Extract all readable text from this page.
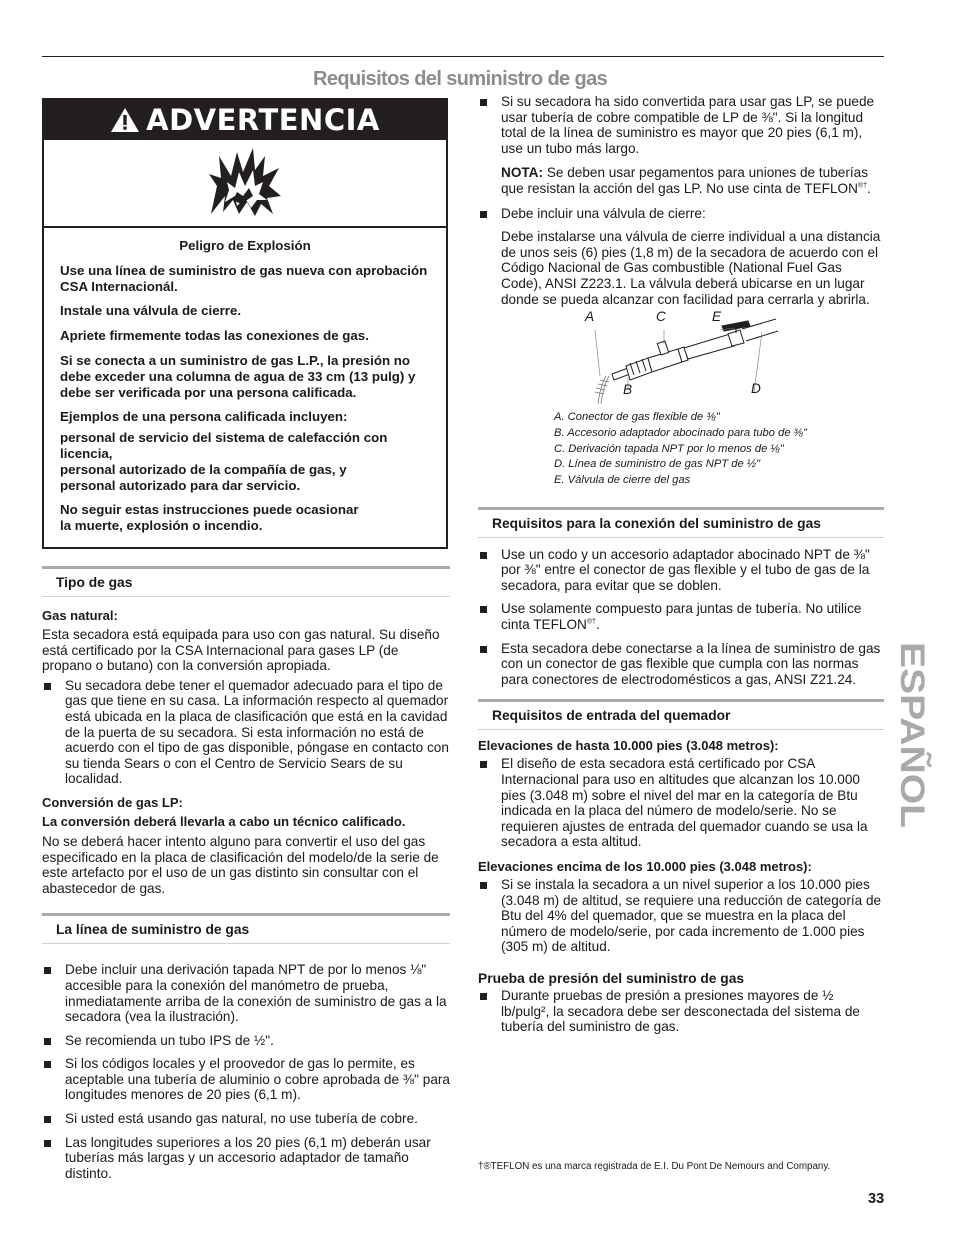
Requisitos del suministro de gas
ADVERTENCIA

Peligro de Explosión

Use una línea de suministro de gas nueva con aprobación CSA Internacionál.

Instale una válvula de cierre.

Apriete firmemente todas las conexiones de gas.

Si se conecta a un suministro de gas L.P., la presión no debe exceder una columna de agua de 33 cm (13 pulg) y debe ser verificada por una persona calificada.

Ejemplos de una persona calificada incluyen:

personal de servicio del sistema de calefacción con licencia,

personal autorizado de la compañía de gas, y

personal autorizado para dar servicio.

No seguir estas instrucciones puede ocasionar la muerte, explosión o incendio.

Tipo de gas
Gas natural:

Esta secadora está equipada para uso con gas natural. Su diseño está certificado por la CSA Internacional para gases LP (de propano o butano) con la conversión apropiada.

Su secadora debe tener el quemador adecuado para el tipo de gas que tiene en su casa. La información respecto al quemador está ubicada en la placa de clasificación que está en la cavidad de la puerta de su secadora. Si esta información no está de acuerdo con el tipo de gas disponible, póngase en contacto con su tienda Sears o con el Centro de Servicio Sears de su localidad.
Conversión de gas LP:
La conversión deberá llevarla a cabo un técnico calificado.

No se deberá hacer intento alguno para convertir el uso del gas especificado en la placa de clasificación del modelo/de la serie de este artefacto por el uso de un gas distinto sin consultar con el abastecedor de gas.

La línea de suministro de gas
Debe incluir una derivación tapada NPT de por lo menos ⅛" accesible para la conexión del manómetro de prueba, inmediatamente arriba de la conexión de suministro de gas a la secadora (vea la ilustración).
Se recomienda un tubo IPS de ½".
Si los códigos locales y el proovedor de gas lo permite, es aceptable una tubería de aluminio o cobre aprobada de ⅜" para longitudes menores de 20 pies (6,1 m).
Si usted está usando gas natural, no use tubería de cobre.
Las longitudes superiores a los 20 pies (6,1 m) deberán usar tuberías más largas y un accesorio adaptador de tamaño distinto.
Si su secadora ha sido convertida para usar gas LP, se puede usar tubería de cobre compatible de LP de ⅜". Si la longitud total de la línea de suministro es mayor que 20 pies (6,1 m), use un tubo más largo.

NOTA: Se deben usar pegamentos para uniones de tuberías que resistan la acción del gas LP. No use cinta de TEFLON®†.

Debe incluir una válvula de cierre:

Debe instalarse una válvula de cierre individual a una distancia de unos seis (6) pies (1,8 m) de la secadora de acuerdo con el Código Nacional de Gas combustible (National Fuel Gas Code), ANSI Z223.1. La válvula deberá ubicarse en un lugar donde se pueda alcanzar con facilidad para cerrarla y abrirla.

A	C	E
B	D
A. Conector de gas flexible de ⅜"
B. Accesorio adaptador abocinado para tubo de ⅜"
C. Derivación tapada NPT por lo menos de ⅛"
D. Línea de suministro de gas NPT de ½"
E. Válvula de cierre del gas
Requisitos para la conexión del suministro de gas
Use un codo y un accesorio adaptador abocinado NPT de ⅜" por ⅜" entre el conector de gas flexible y el tubo de gas de la secadora, para evitar que se doblen.
Use solamente compuesto para juntas de tubería. No utilice cinta TEFLON®†.
Esta secadora debe conectarse a la línea de suministro de gas con un conector de gas flexible que cumpla con las normas para conectores de electrodomésticos a gas, ANSI Z21.24.
Requisitos de entrada del quemador
Elevaciones de hasta 10.000 pies (3.048 metros):
El diseño de esta secadora está certificado por CSA Internacional para uso en altitudes que alcanzan los 10.000 pies (3.048 m) sobre el nivel del mar en la categoría de Btu indicada en la placa del número de modelo/serie. No se requieren ajustes de entrada del quemador cuando se usa la secadora a esta altitud.
Elevaciones encima de los 10.000 pies (3.048 metros):
Si se instala la secadora a un nivel superior a los 10.000 pies (3.048 m) de altitud, se requiere una reducción de categoría de Btu del 4% del quemador, que se muestra en la placa del número de modelo/serie, por cada incremento de 1.000 pies (305 m) de altitud.
Prueba de presión del suministro de gas
Durante pruebas de presión a presiones mayores de ½ lb/pulg², la secadora debe ser desconectada del sistema de tubería del suministro de gas.
†®TEFLON es una marca registrada de E.I. Du Pont De Nemours and Company.
ESPAÑOL
33
